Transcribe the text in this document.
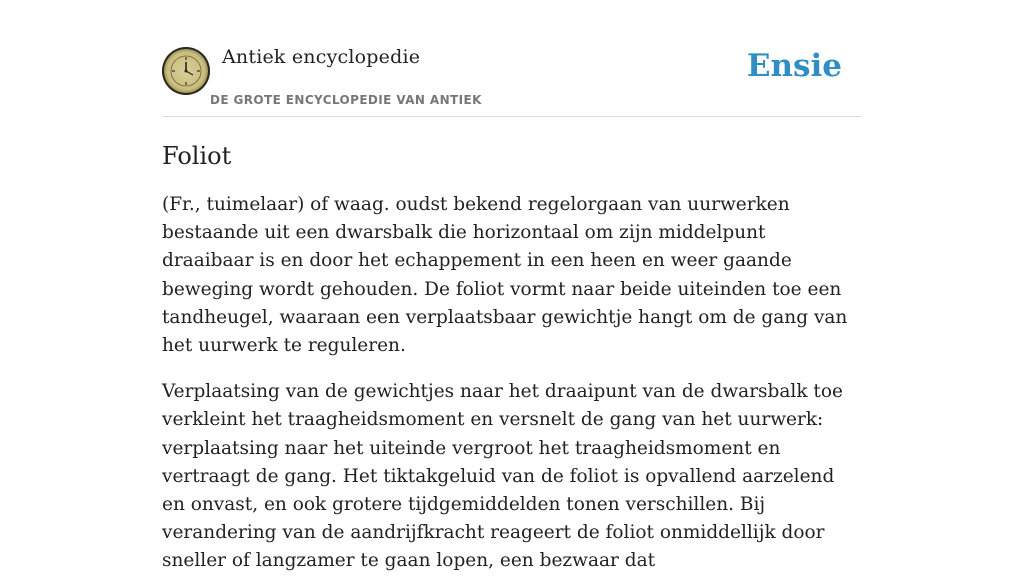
Antiek encyclopedie
DE GROTE ENCYCLOPEDIE VAN ANTIEK
Ensie
Foliot

(Fr., tuimelaar) of waag. oudst bekend regelorgaan van uurwerken bestaande uit een dwarsbalk die horizontaal om zijn middelpunt draaibaar is en door het echappement in een heen en weer gaande beweging wordt gehouden. De foliot vormt naar beide uiteinden toe een tandheugel, waaraan een verplaatsbaar gewichtje hangt om de gang van het uurwerk te reguleren.

Verplaatsing van de gewichtjes naar het draaipunt van de dwarsbalk toe verkleint het traagheidsmoment en versnelt de gang van het uurwerk: verplaatsing naar het uiteinde vergroot het traagheidsmoment en vertraagt de gang. Het tiktakgeluid van de foliot is opvallend aarzelend en onvast, en ook grotere tijdgemiddelden tonen verschillen. Bij verandering van de aandrijfkracht reageert de foliot onmiddellijk door sneller of langzamer te gaan lopen, een bezwaar dat
